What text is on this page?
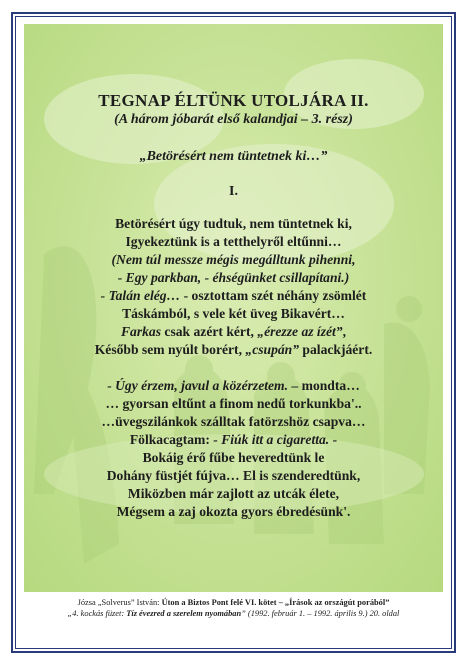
TEGNAP ÉLTÜNK UTOLJÁRA II.
(A három jóbarát első kalandjai – 3. rész)
„Betörésért nem tüntetnek ki…”
I.
Betörésért úgy tudtuk, nem tüntetnek ki,
Igyekeztünk is a tetthelyről eltűnni…
(Nem túl messze mégis megálltunk pihenni,
- Egy parkban, - éhségünket csillapítani.)
- Talán elég… - osztottam szét néhány zsömlét
Táskámból, s vele két üveg Bikavért…
Farkas csak azért kért, „érezze az ízét”,
Később sem nyúlt borért, „csupán” palackjáért.
- Úgy érzem, javul a közérzetem. – mondta…
… gyorsan eltűnt a finom nedű torkunkba'..
…üvegszilánkok szálltak fatörzshöz csapva…
Fölkacagtam: - Fiúk itt a cigaretta. -
Bokáig érő fűbe heveredtünk le
Dohány füstjét fújva… El is szenderedtünk,
Miközben már zajlott az utcák élete,
Mégsem a zaj okozta gyors ébredésünk'.
Józsa „Solverus” István: Úton a Biztos Pont felé VI. kötet – „Írások az országút porából”
„4. kockás füzet: Tíz évezred a szerelem nyomában” (1992. február 1. – 1992. április 9.) 20. oldal
